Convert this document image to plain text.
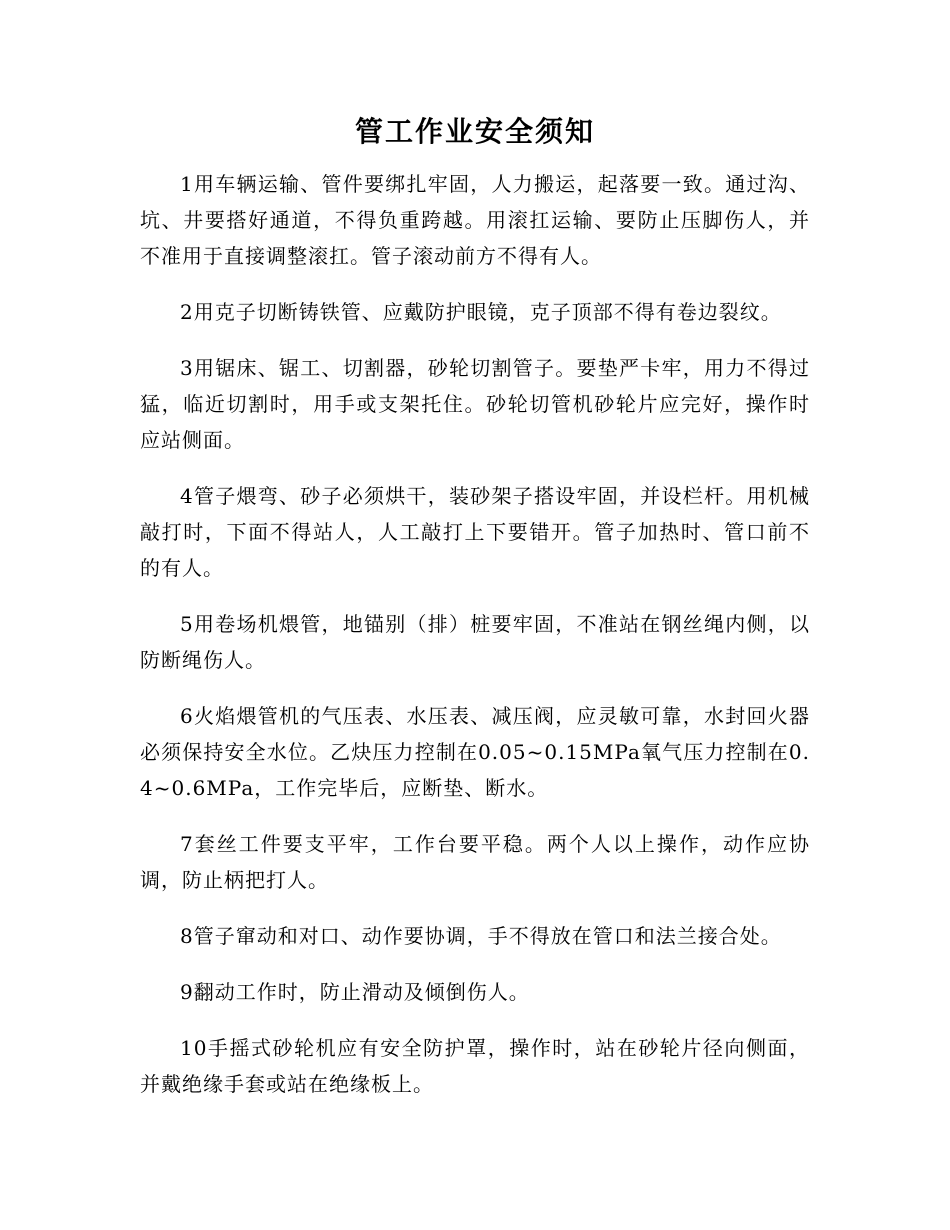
管工作业安全须知

1用车辆运输、管件要绑扎牢固，人力搬运，起落要一致。通过沟、坑、井要搭好通道，不得负重跨越。用滚扛运输、要防止压脚伤人，并不准用于直接调整滚扛。管子滚动前方不得有人。

2用克子切断铸铁管、应戴防护眼镜，克子顶部不得有卷边裂纹。

3用锯床、锯工、切割器，砂轮切割管子。要垫严卡牢，用力不得过猛，临近切割时，用手或支架托住。砂轮切管机砂轮片应完好，操作时应站侧面。

4管子煨弯、砂子必须烘干，装砂架子搭设牢固，并设栏杆。用机械敲打时，下面不得站人，人工敲打上下要错开。管子加热时、管口前不的有人。

5用卷场机煨管，地锚别（排）桩要牢固，不准站在钢丝绳内侧，以防断绳伤人。

6火焰煨管机的气压表、水压表、减压阀，应灵敏可靠，水封回火器必须保持安全水位。乙炔压力控制在0.05~0.15MPa氧气压力控制在0.4~0.6MPa，工作完毕后，应断垫、断水。

7套丝工件要支平牢，工作台要平稳。两个人以上操作，动作应协调，防止柄把打人。

8管子窜动和对口、动作要协调，手不得放在管口和法兰接合处。

9翻动工作时，防止滑动及倾倒伤人。

10手摇式砂轮机应有安全防护罩，操作时，站在砂轮片径向侧面，并戴绝缘手套或站在绝缘板上。
